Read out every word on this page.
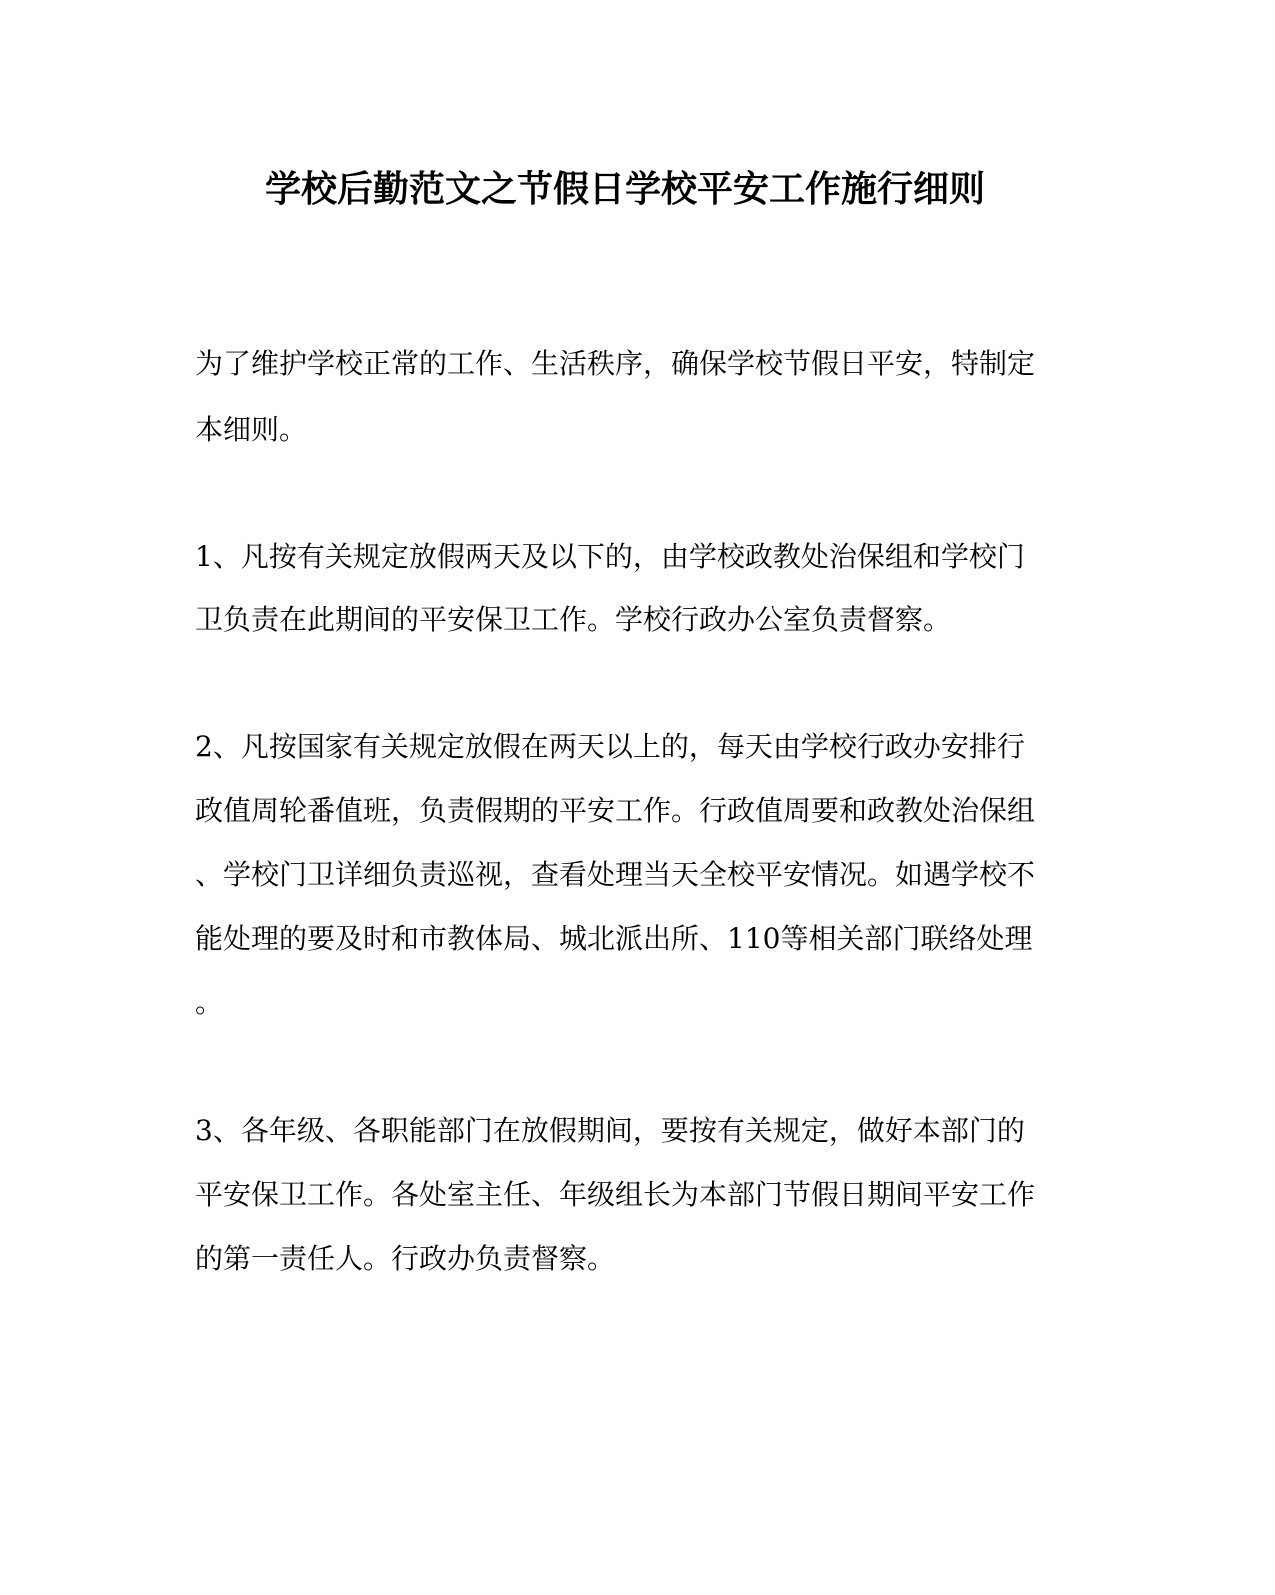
学校后勤范文之节假日学校平安工作施行细则
为了维护学校正常的工作、生活秩序，确保学校节假日平安，特制定
本细则。
1、凡按有关规定放假两天及以下的，由学校政教处治保组和学校门
卫负责在此期间的平安保卫工作。学校行政办公室负责督察。
2、凡按国家有关规定放假在两天以上的，每天由学校行政办安排行
政值周轮番值班，负责假期的平安工作。行政值周要和政教处治保组
、学校门卫详细负责巡视，查看处理当天全校平安情况。如遇学校不
能处理的要及时和市教体局、城北派出所、110等相关部门联络处理
。
3、各年级、各职能部门在放假期间，要按有关规定，做好本部门的
平安保卫工作。各处室主任、年级组长为本部门节假日期间平安工作
的第一责任人。行政办负责督察。
